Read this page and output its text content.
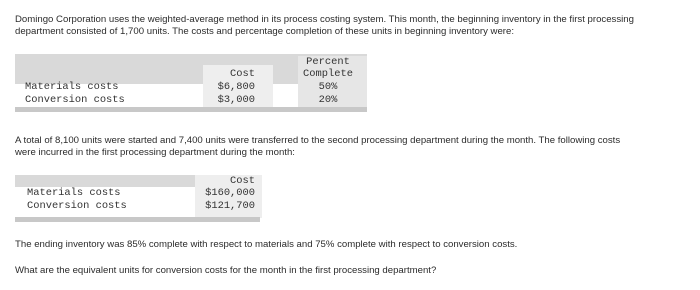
Domingo Corporation uses the weighted-average method in its process costing system. This month, the beginning inventory in the first processing
department consisted of 1,700 units. The costs and percentage completion of these units in beginning inventory were:
Cost
Percent
Complete
Materials costs	$6,800	50%
Conversion costs	$3,000	20%
A total of 8,100 units were started and 7,400 units were transferred to the second processing department during the month. The following costs
were incurred in the first processing department during the month:
Cost
Materials costs	$160,000
Conversion costs	$121,700
The ending inventory was 85% complete with respect to materials and 75% complete with respect to conversion costs.
What are the equivalent units for conversion costs for the month in the first processing department?
